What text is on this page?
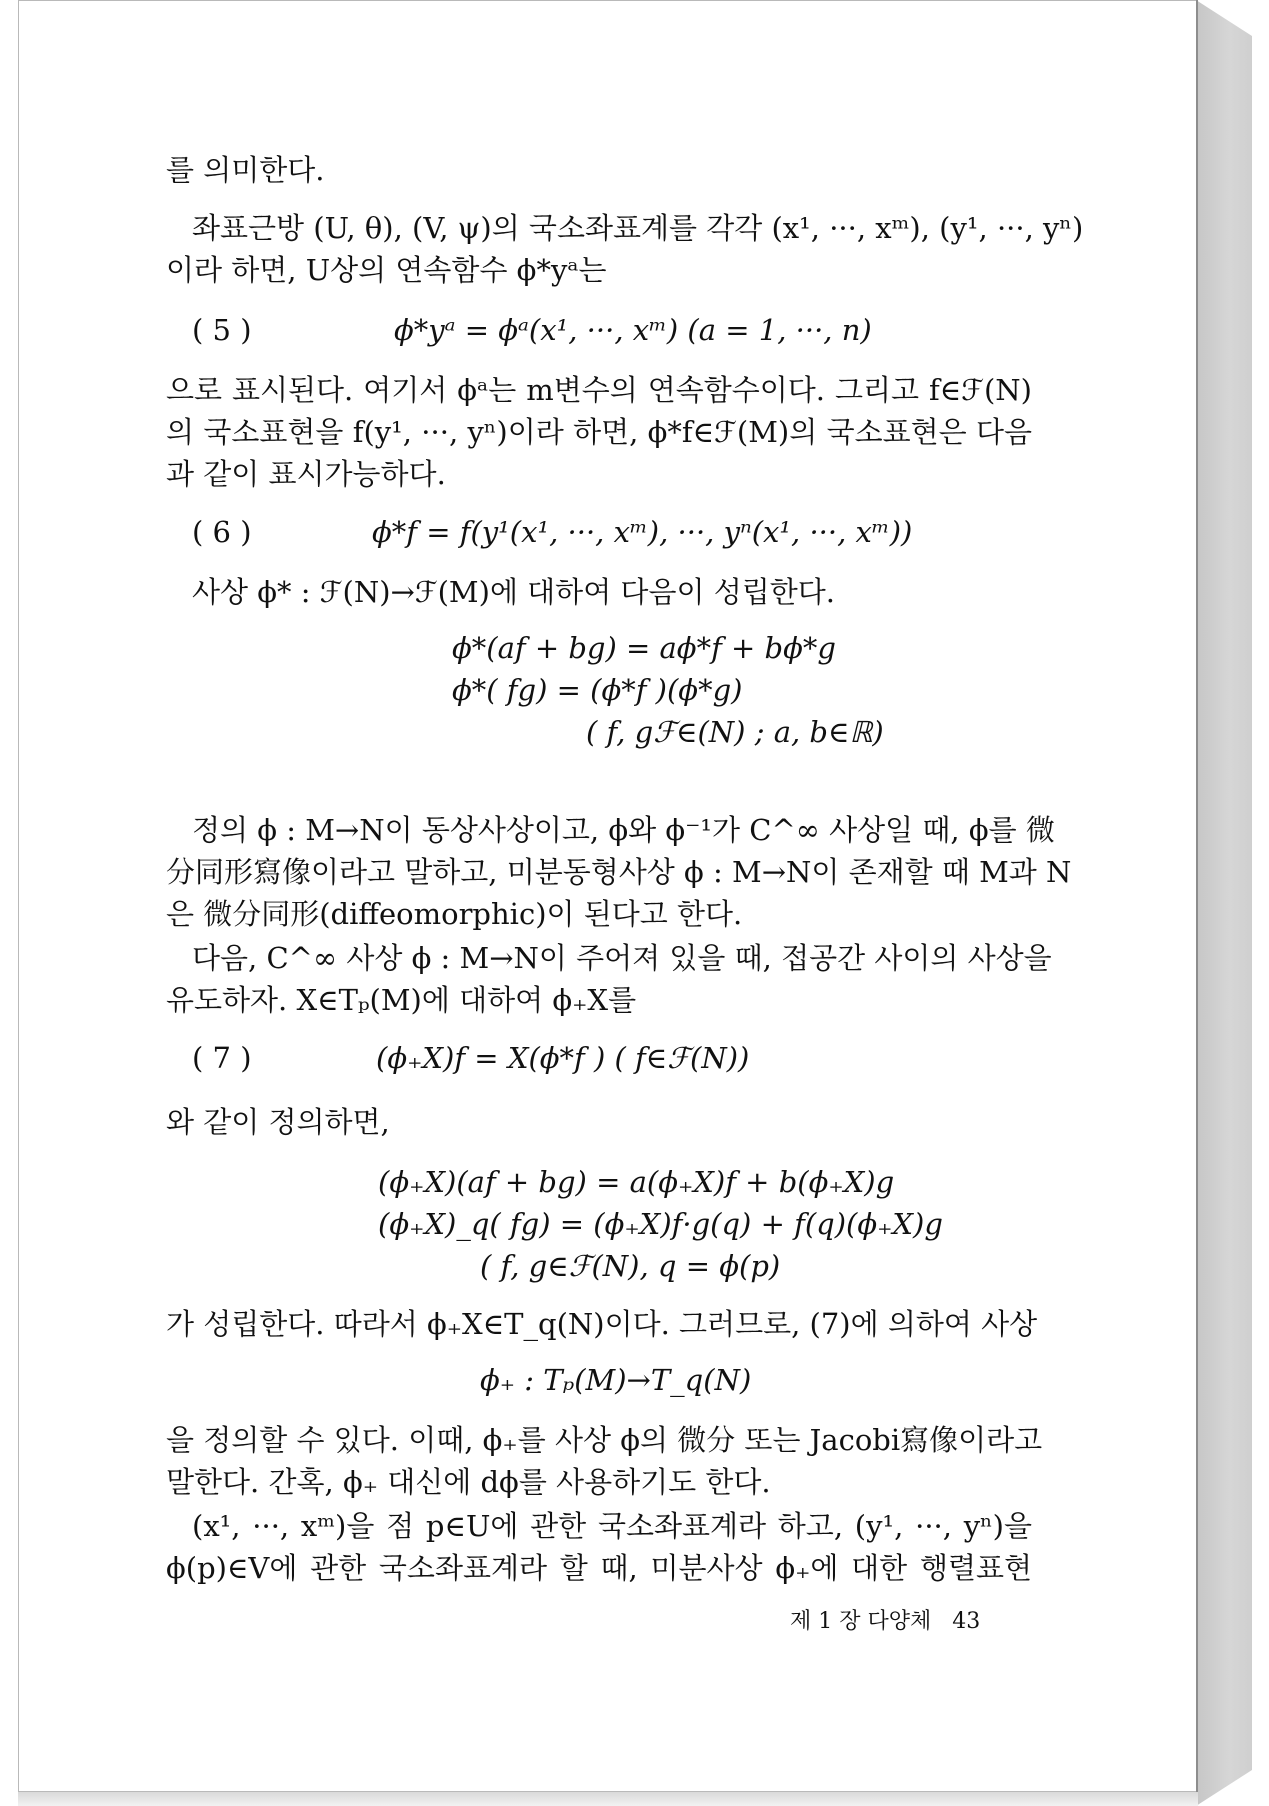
를 의미한다.

좌표근방 (U, θ), (V, ψ)의 국소좌표계를 각각 (x¹, ···, xᵐ), (y¹, ···, yⁿ)

이라 하면, U상의 연속함수 ϕ*yᵃ는

( 5 )	ϕ*yᵃ = ϕᵃ(x¹, ···, xᵐ) (a = 1, ···, n)

으로 표시된다. 여기서 ϕᵃ는 m변수의 연속함수이다. 그리고 f∈ℱ(N)

의 국소표현을 f(y¹, ···, yⁿ)이라 하면, ϕ*f∈ℱ(M)의 국소표현은 다음

과 같이 표시가능하다.

( 6 )	ϕ*f = f(y¹(x¹, ···, xᵐ), ···, yⁿ(x¹, ···, xᵐ))

사상 ϕ* : ℱ(N)→ℱ(M)에 대하여 다음이 성립한다.

ϕ*(af + bg) = aϕ*f + bϕ*g

ϕ*( fg) = (ϕ*f )(ϕ*g)

( f, gℱ∈(N) ; a, b∈ℝ)

정의 ϕ : M→N이 동상사상이고, ϕ와 ϕ⁻¹가 C^∞ 사상일 때, ϕ를 微

分同形寫像이라고 말하고, 미분동형사상 ϕ : M→N이 존재할 때 M과 N

은 微分同形(diffeomorphic)이 된다고 한다.

다음, C^∞ 사상 ϕ : M→N이 주어져 있을 때, 접공간 사이의 사상을

유도하자. X∈Tₚ(M)에 대하여 ϕ₊X를

( 7 )	(ϕ₊X)f = X(ϕ*f ) ( f∈ℱ(N))

와 같이 정의하면,

(ϕ₊X)(af + bg) = a(ϕ₊X)f + b(ϕ₊X)g

(ϕ₊X)_q( fg) = (ϕ₊X)f·g(q) + f(q)(ϕ₊X)g

( f, g∈ℱ(N), q = ϕ(p)

가 성립한다. 따라서 ϕ₊X∈T_q(N)이다. 그러므로, (7)에 의하여 사상

ϕ₊ : Tₚ(M)→T_q(N)

을 정의할 수 있다. 이때, ϕ₊를 사상 ϕ의 微分 또는 Jacobi寫像이라고

말한다. 간혹, ϕ₊ 대신에 dϕ를 사용하기도 한다.

(x¹, ···, xᵐ)을 점 p∈U에 관한 국소좌표계라 하고, (y¹, ···, yⁿ)을

ϕ(p)∈V에 관한 국소좌표계라 할 때, 미분사상 ϕ₊에 대한 행렬표현

제 1 장 다양체 43
